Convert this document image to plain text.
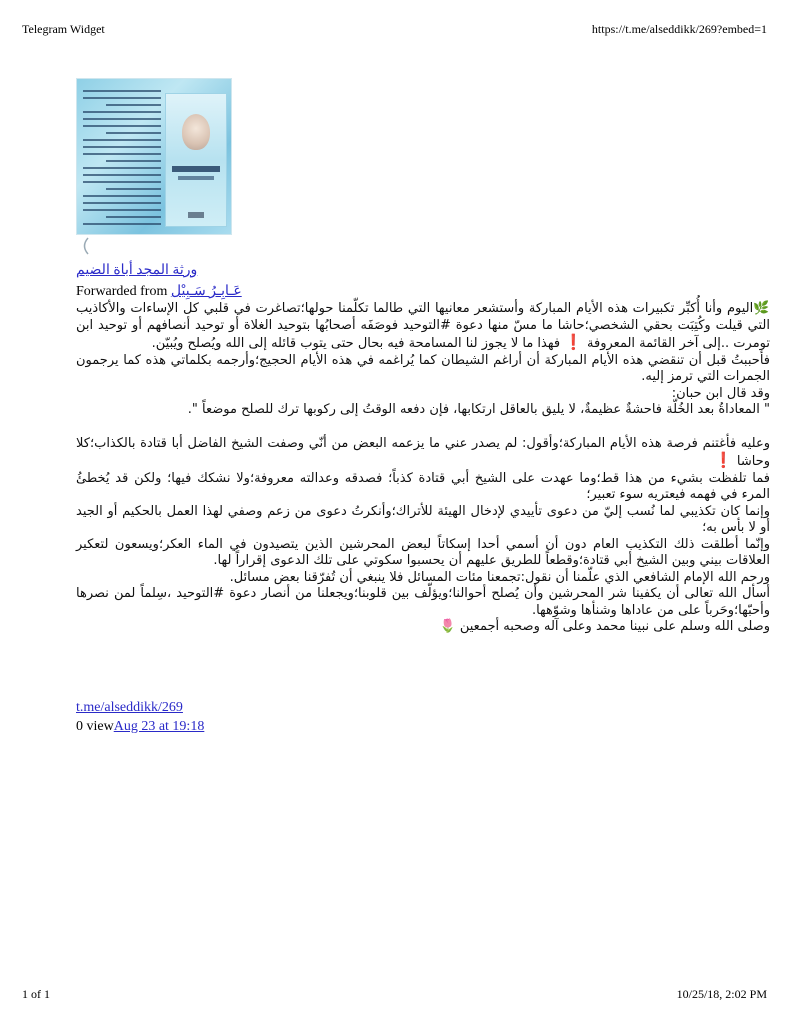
Telegram Widget	https://t.me/alseddikk/269?embed=1
ورثة المجد أباة الضيم
Forwarded from عَـابِـرُ سَـبِيْل

🌿اليوم وأنا أُكبِّر تكبيرات هذه الأيام المباركة وأستشعر معانيها التي طالما تكلّمنا حولها؛تصاغرت في قلبي كل الإساءات والأكاذيب التي قيلت وكُتِبَت بحقي الشخصي؛حاشا ما مسّ منها دعوة #التوحيد فوصَفَه أصحابُها بتوحيد الغلاة أو توحيد أنصافهم أو توحيد ابن تومرت ..إلى آخر القائمة المعروفة ❗ فهذا ما لا يجوز لنا المسامحة فيه بحال حتى يتوب قائله إلى الله ويُصلح ويُبيّن.

فأحببتُ قبل أن تنقضي هذه الأيام المباركة أن أراغم الشيطان كما يُراغمه في هذه الأيام الحجيج؛وأرجمه بكلماتي هذه كما يرجمون الجمرات التي ترمز إليه.

وقد قال ابن حبان:

" المعاداةُ بعد الخُلّة فاحشةٌ عظيمةٌ، لا يليق بالعاقل ارتكابها، فإن دفعه الوقتُ إلى ركوبها ترك للصلح موضعاً ".

وعليه فأغتنم فرصة هذه الأيام المباركة؛وأقول: لم يصدر عني ما يزعمه البعض من أنّي وصفت الشيخ الفاضل أبا قتادة بالكذاب؛كلا وحاشا ❗

فما تلفظت بشيء من هذا قط؛وما عهدت على الشيخ أبي قتادة كذباً؛ فصدقه وعدالته معروفة؛ولا نشكك فيها؛ ولكن قد يُخطئُ المرء في فهمه فيعتريه سوء تعبير؛

وإنما كان تكذيبي لما نُسب إليّ من دعوى تأييدي لإدخال الهيئة للأتراك؛وأنكرتُ دعوى من زعم وصفي لهذا العمل بالحكيم أو الجيد أو لا بأس به؛

وإنّما أطلقت ذلك التكذيب العام دون أن أسمي أحدا إسكاتاً لبعض المحرشين الذين يتصيدون في الماء العكر؛ويسعون لتعكير العلاقات بيني وبين الشيخ أبي قتادة؛وقطعاً للطريق عليهم أن يحسبوا سكوتي على تلك الدعوى إقراراً لها.

ورحم الله الإمام الشافعي الذي علّمنا أن نقول:تجمعنا مئات المسائل فلا ينبغي أن تُفرّقنا بعض مسائل.

أسأل الله تعالى أن يكفينا شر المحرشين وأن يُصلح أحوالنا؛ويؤلّف بين قلوبنا؛ويجعلنا من أنصار دعوة #التوحيد ،سِلماً لمن نصرها وأحبّها؛وحَرباً على من عاداها وشنأها وشوّهها.

وصلى الله وسلم على نبينا محمد وعلى آله وصحبه أجمعين 🌷

t.me/alseddikk/269
0 viewAug 23 at 19:18
1 of 1	10/25/18, 2:02 PM
